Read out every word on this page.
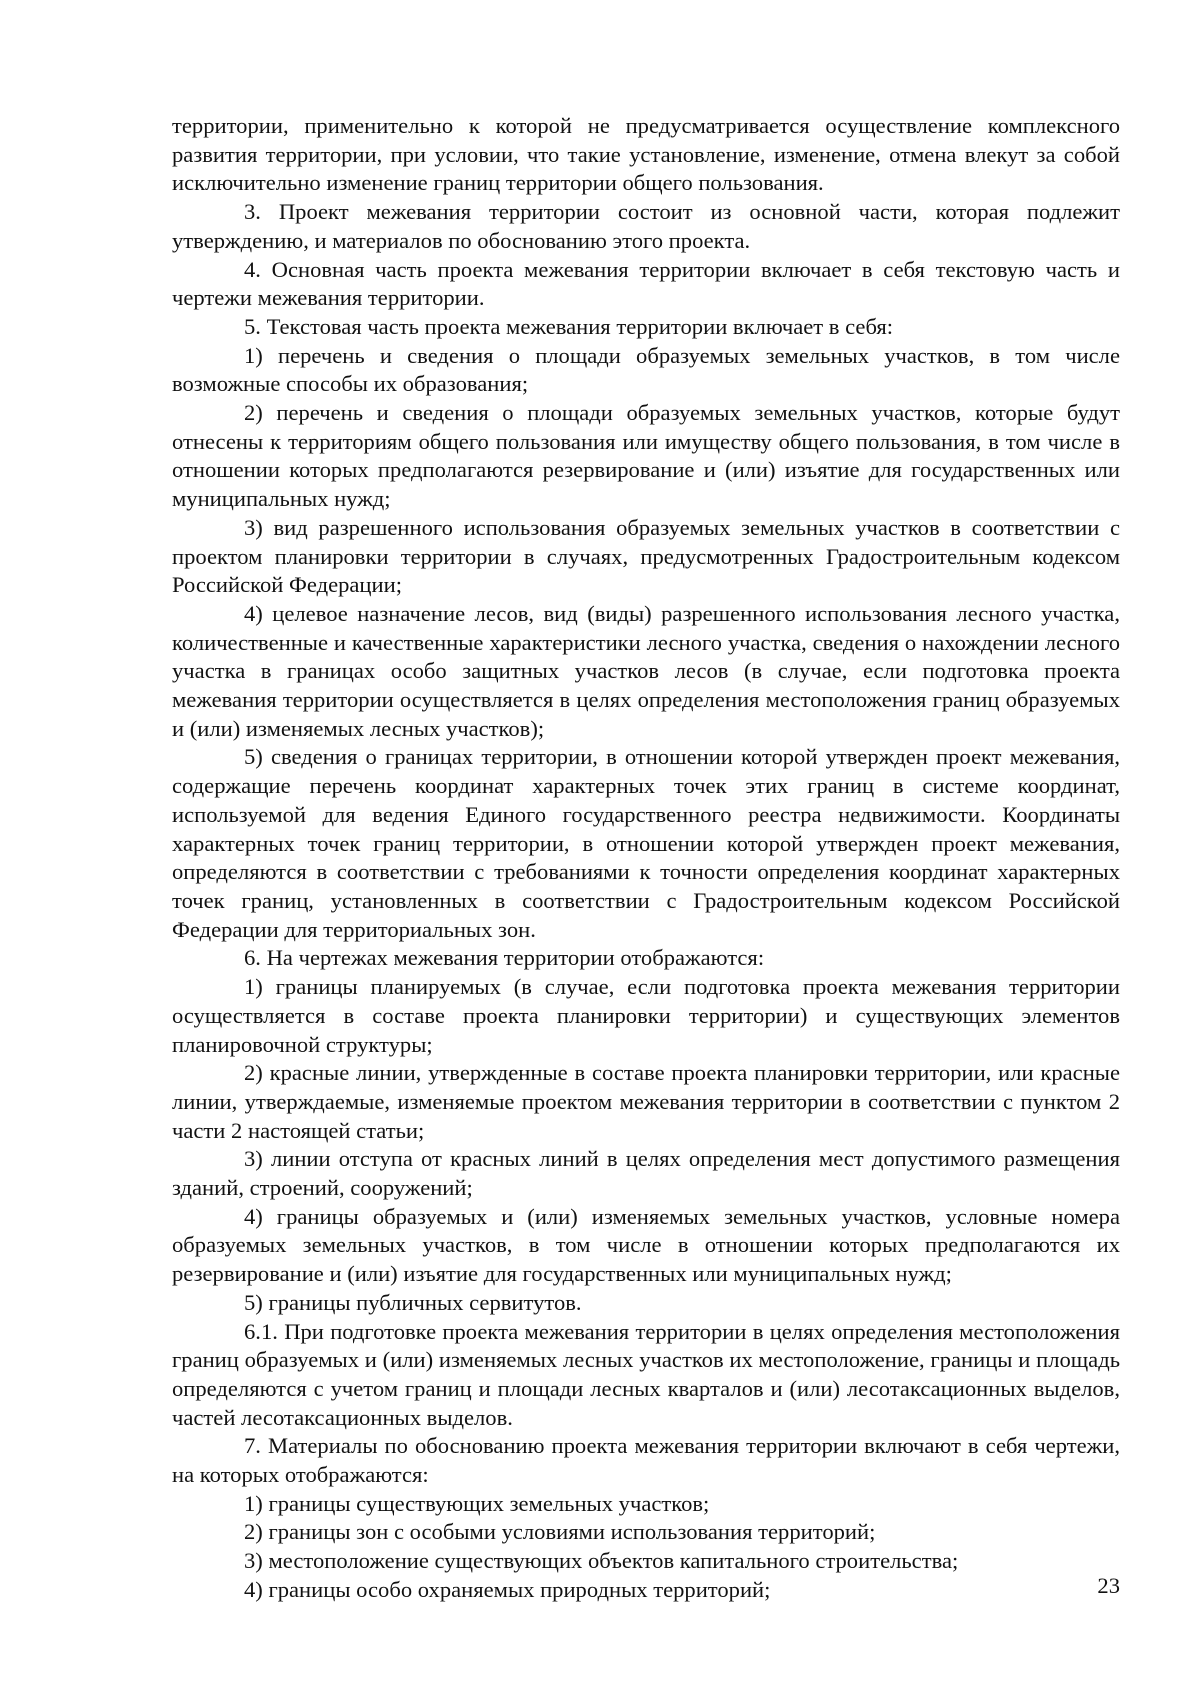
территории, применительно к которой не предусматривается осуществление комплексного развития территории, при условии, что такие установление, изменение, отмена влекут за собой исключительно изменение границ территории общего пользования.

3. Проект межевания территории состоит из основной части, которая подлежит утверждению, и материалов по обоснованию этого проекта.

4. Основная часть проекта межевания территории включает в себя текстовую часть и чертежи межевания территории.

5. Текстовая часть проекта межевания территории включает в себя:

1) перечень и сведения о площади образуемых земельных участков, в том числе возможные способы их образования;

2) перечень и сведения о площади образуемых земельных участков, которые будут отнесены к территориям общего пользования или имуществу общего пользования, в том числе в отношении которых предполагаются резервирование и (или) изъятие для государственных или муниципальных нужд;

3) вид разрешенного использования образуемых земельных участков в соответствии с проектом планировки территории в случаях, предусмотренных Градостроительным кодексом Российской Федерации;

4) целевое назначение лесов, вид (виды) разрешенного использования лесного участка, количественные и качественные характеристики лесного участка, сведения о нахождении лесного участка в границах особо защитных участков лесов (в случае, если подготовка проекта межевания территории осуществляется в целях определения местоположения границ образуемых и (или) изменяемых лесных участков);

5) сведения о границах территории, в отношении которой утвержден проект межевания, содержащие перечень координат характерных точек этих границ в системе координат, используемой для ведения Единого государственного реестра недвижимости. Координаты характерных точек границ территории, в отношении которой утвержден проект межевания, определяются в соответствии с требованиями к точности определения координат характерных точек границ, установленных в соответствии с Градостроительным кодексом Российской Федерации для территориальных зон.

6. На чертежах межевания территории отображаются:

1) границы планируемых (в случае, если подготовка проекта межевания территории осуществляется в составе проекта планировки территории) и существующих элементов планировочной структуры;

2) красные линии, утвержденные в составе проекта планировки территории, или красные линии, утверждаемые, изменяемые проектом межевания территории в соответствии с пунктом 2 части 2 настоящей статьи;

3) линии отступа от красных линий в целях определения мест допустимого размещения зданий, строений, сооружений;

4) границы образуемых и (или) изменяемых земельных участков, условные номера образуемых земельных участков, в том числе в отношении которых предполагаются их резервирование и (или) изъятие для государственных или муниципальных нужд;

5) границы публичных сервитутов.

6.1. При подготовке проекта межевания территории в целях определения местоположения границ образуемых и (или) изменяемых лесных участков их местоположение, границы и площадь определяются с учетом границ и площади лесных кварталов и (или) лесотаксационных выделов, частей лесотаксационных выделов.

7. Материалы по обоснованию проекта межевания территории включают в себя чертежи, на которых отображаются:

1) границы существующих земельных участков;

2) границы зон с особыми условиями использования территорий;

3) местоположение существующих объектов капитального строительства;

4) границы особо охраняемых природных территорий;	23
